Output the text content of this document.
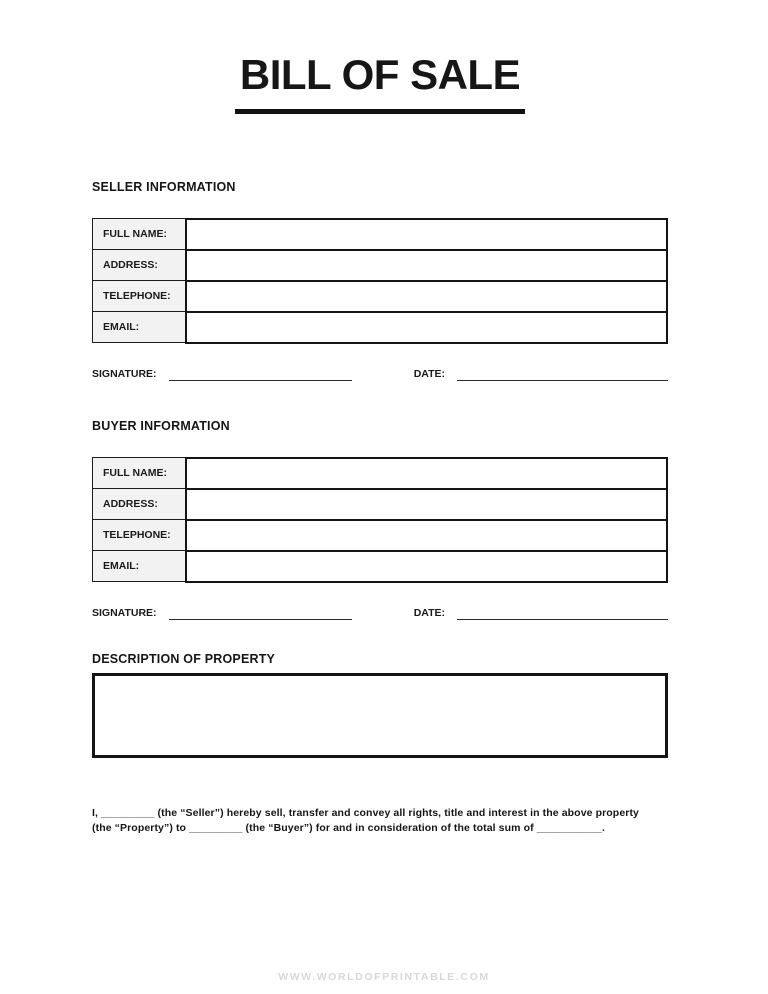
BILL OF SALE
SELLER INFORMATION
FULL NAME:	

ADDRESS:	

TELEPHONE:	

EMAIL:	
SIGNATURE:	DATE:
BUYER INFORMATION
FULL NAME:	

ADDRESS:	

TELEPHONE:	

EMAIL:	
SIGNATURE:	DATE:
DESCRIPTION OF PROPERTY

I, _________ (the “Seller”) hereby sell, transfer and convey all rights, title and interest in the above property
(the “Property”) to _________ (the “Buyer”) for and in consideration of the total sum of ___________.

WWW.WORLDOFPRINTABLE.COM
